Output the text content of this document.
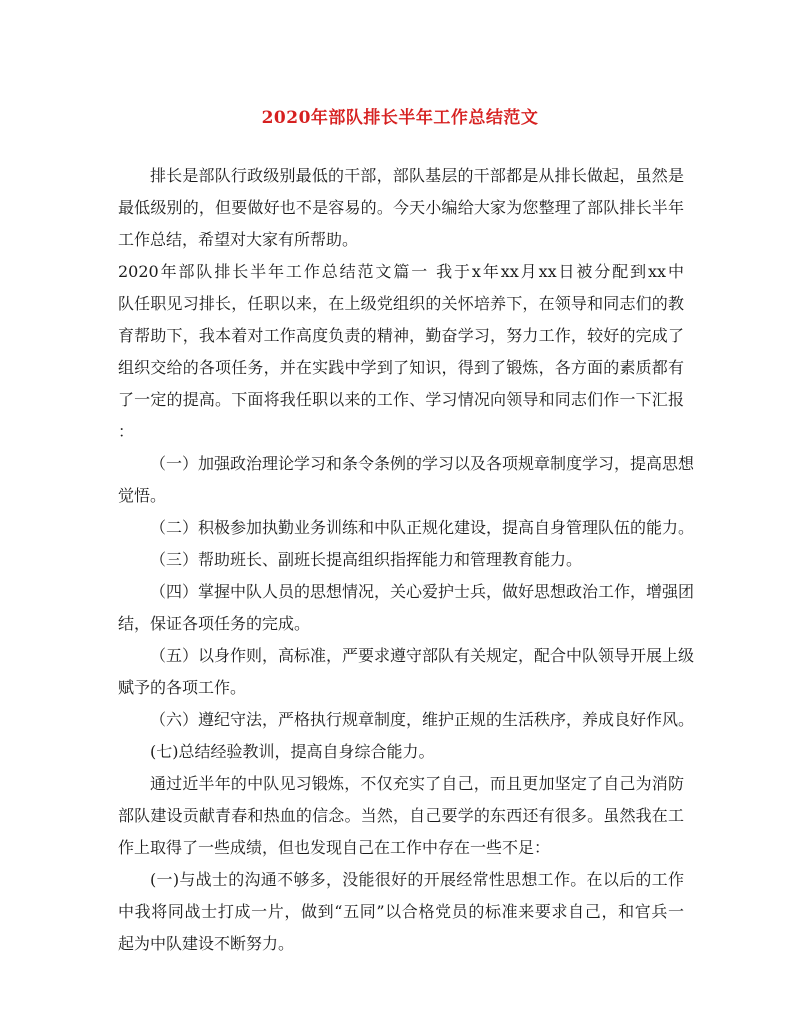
2020年部队排长半年工作总结范文
排长是部队行政级别最低的干部，部队基层的干部都是从排长做起，虽然是
最低级别的，但要做好也不是容易的。今天小编给大家为您整理了部队排长半年
工作总结，希望对大家有所帮助。
2020年部队排长半年工作总结范文篇一 我于x年xx月xx日被分配到xx中
队任职见习排长，任职以来，在上级党组织的关怀培养下，在领导和同志们的教
育帮助下，我本着对工作高度负责的精神，勤奋学习，努力工作，较好的完成了
组织交给的各项任务，并在实践中学到了知识，得到了锻炼，各方面的素质都有
了一定的提高。下面将我任职以来的工作、学习情况向领导和同志们作一下汇报
：
（一）加强政治理论学习和条令条例的学习以及各项规章制度学习，提高思想
觉悟。
（二）积极参加执勤业务训练和中队正规化建设，提高自身管理队伍的能力。
（三）帮助班长、副班长提高组织指挥能力和管理教育能力。
（四）掌握中队人员的思想情况，关心爱护士兵，做好思想政治工作，增强团
结，保证各项任务的完成。
（五）以身作则，高标准，严要求遵守部队有关规定，配合中队领导开展上级
赋予的各项工作。
（六）遵纪守法，严格执行规章制度，维护正规的生活秩序，养成良好作风。
(七)总结经验教训，提高自身综合能力。
通过近半年的中队见习锻炼，不仅充实了自己，而且更加坚定了自己为消防
部队建设贡献青春和热血的信念。当然，自己要学的东西还有很多。虽然我在工
作上取得了一些成绩，但也发现自己在工作中存在一些不足：
(一)与战士的沟通不够多，没能很好的开展经常性思想工作。在以后的工作
中我将同战士打成一片，做到“五同”以合格党员的标准来要求自己，和官兵一
起为中队建设不断努力。
